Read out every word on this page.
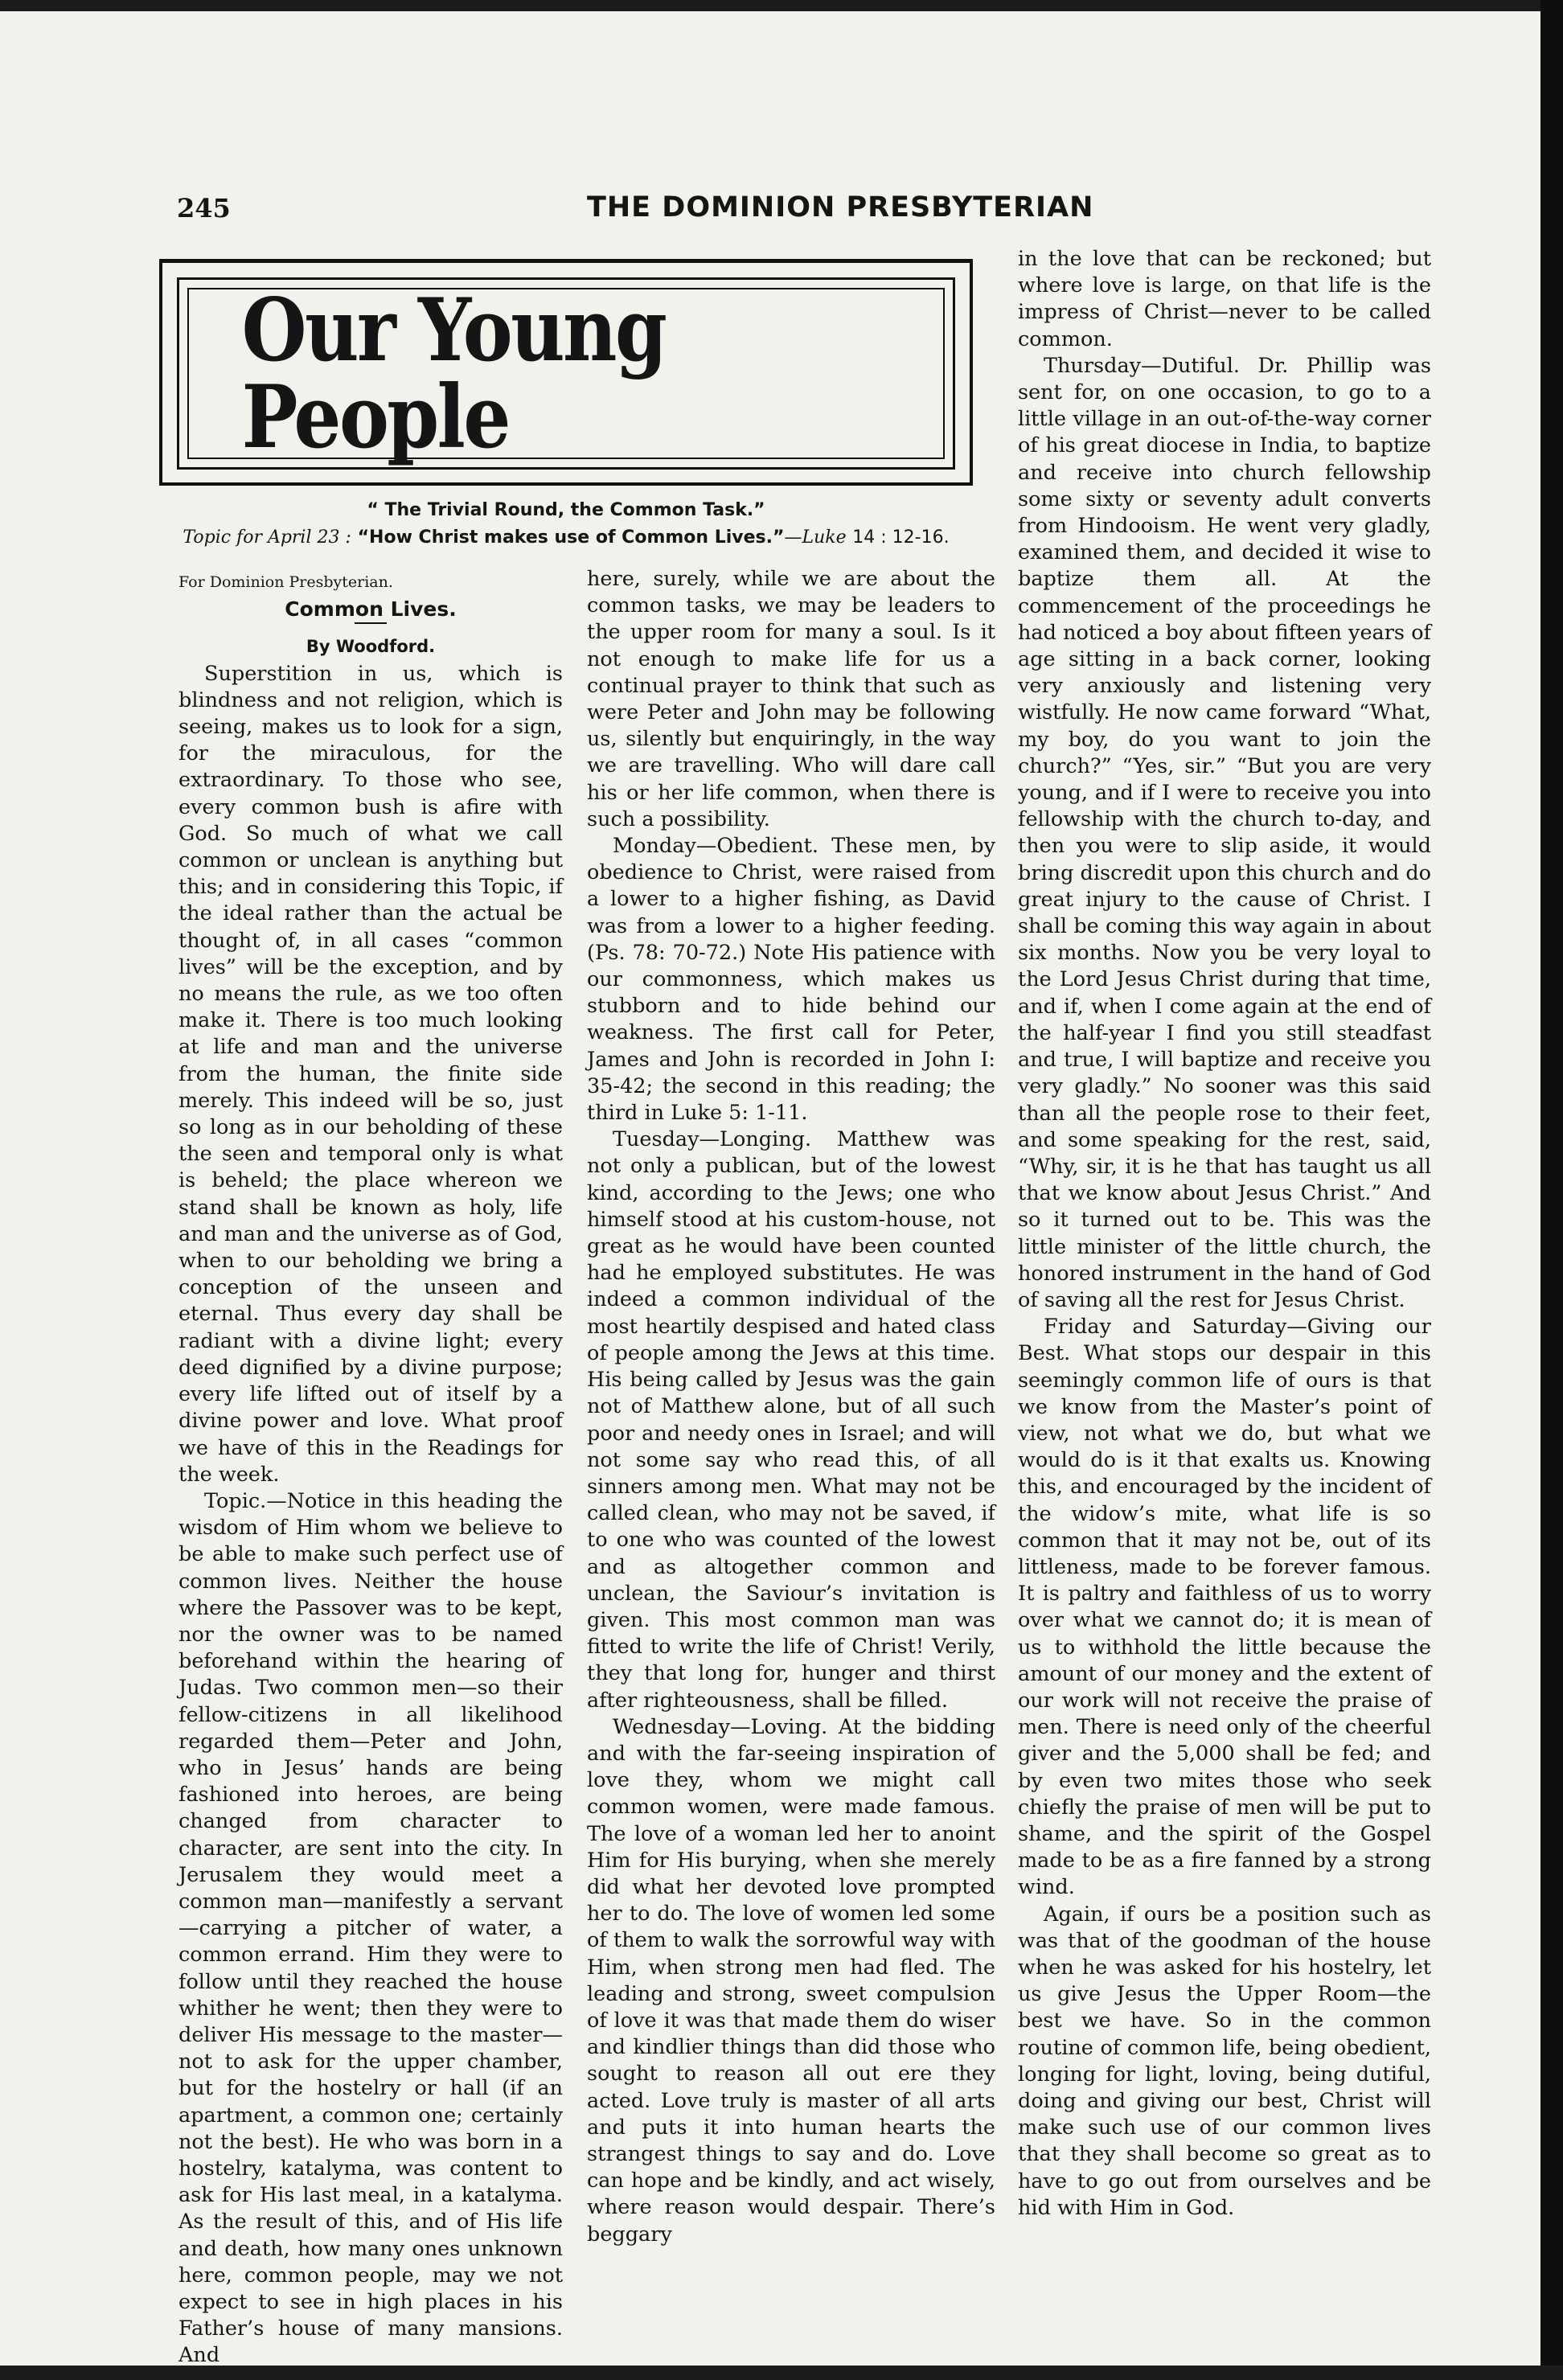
245	THE DOMINION PRESBYTERIAN
Our Young People
“ The Trivial Round, the Common Task.”
Topic for April 23 : “How Christ makes use of Common Lives.”—Luke 14 : 12-16.

For Dominion Presbyterian.

Common Lives.

By Woodford.

Superstition in us, which is blindness and not religion, which is seeing, makes us to look for a sign, for the miraculous, for the extraordinary. To those who see, every common bush is afire with God. So much of what we call common or unclean is anything but this; and in considering this Topic, if the ideal rather than the actual be thought of, in all cases “common lives” will be the exception, and by no means the rule, as we too often make it. There is too much looking at life and man and the universe from the human, the finite side merely. This indeed will be so, just so long as in our beholding of these the seen and temporal only is what is beheld; the place whereon we stand shall be known as holy, life and man and the universe as of God, when to our beholding we bring a conception of the unseen and eternal. Thus every day shall be radiant with a divine light; every deed dignified by a divine purpose; every life lifted out of itself by a divine power and love. What proof we have of this in the Readings for the week.

Topic.—Notice in this heading the wisdom of Him whom we believe to be able to make such perfect use of common lives. Neither the house where the Passover was to be kept, nor the owner was to be named beforehand within the hearing of Judas. Two common men—so their fellow-citizens in all likelihood regarded them—Peter and John, who in Jesus’ hands are being fashioned into heroes, are being changed from character to character, are sent into the city. In Jerusalem they would meet a common man—manifestly a servant—carrying a pitcher of water, a common errand. Him they were to follow until they reached the house whither he went; then they were to deliver His message to the master—not to ask for the upper chamber, but for the hostelry or hall (if an apartment, a common one; certainly not the best). He who was born in a hostelry, katalyma, was content to ask for His last meal, in a katalyma. As the result of this, and of His life and death, how many ones unknown here, common people, may we not expect to see in high places in his Father’s house of many mansions. And

here, surely, while we are about the common tasks, we may be leaders to the upper room for many a soul. Is it not enough to make life for us a continual prayer to think that such as were Peter and John may be following us, silently but enquiringly, in the way we are travelling. Who will dare call his or her life common, when there is such a possibility.

Monday—Obedient. These men, by obedience to Christ, were raised from a lower to a higher fishing, as David was from a lower to a higher feeding. (Ps. 78: 70-72.) Note His patience with our commonness, which makes us stubborn and to hide behind our weakness. The first call for Peter, James and John is recorded in John I: 35-42; the second in this reading; the third in Luke 5: 1-11.

Tuesday—Longing. Matthew was not only a publican, but of the lowest kind, according to the Jews; one who himself stood at his custom-house, not great as he would have been counted had he employed substitutes. He was indeed a common individual of the most heartily despised and hated class of people among the Jews at this time. His being called by Jesus was the gain not of Matthew alone, but of all such poor and needy ones in Israel; and will not some say who read this, of all sinners among men. What may not be called clean, who may not be saved, if to one who was counted of the lowest and as altogether common and unclean, the Saviour’s invitation is given. This most common man was fitted to write the life of Christ! Verily, they that long for, hunger and thirst after righteousness, shall be filled.

Wednesday—Loving. At the bidding and with the far-seeing inspiration of love they, whom we might call common women, were made famous. The love of a woman led her to anoint Him for His burying, when she merely did what her devoted love prompted her to do. The love of women led some of them to walk the sorrowful way with Him, when strong men had fled. The leading and strong, sweet compulsion of love it was that made them do wiser and kindlier things than did those who sought to reason all out ere they acted. Love truly is master of all arts and puts it into human hearts the strangest things to say and do. Love can hope and be kindly, and act wisely, where reason would despair. There’s beggary

in the love that can be reckoned; but where love is large, on that life is the impress of Christ—never to be called common.

Thursday—Dutiful. Dr. Phillip was sent for, on one occasion, to go to a little village in an out-of-the-way corner of his great diocese in India, to baptize and receive into church fellowship some sixty or seventy adult converts from Hindooism. He went very gladly, examined them, and decided it wise to baptize them all. At the commencement of the proceedings he had noticed a boy about fifteen years of age sitting in a back corner, looking very anxiously and listening very wistfully. He now came forward “What, my boy, do you want to join the church?” “Yes, sir.” “But you are very young, and if I were to receive you into fellowship with the church to-day, and then you were to slip aside, it would bring discredit upon this church and do great injury to the cause of Christ. I shall be coming this way again in about six months. Now you be very loyal to the Lord Jesus Christ during that time, and if, when I come again at the end of the half-year I find you still steadfast and true, I will baptize and receive you very gladly.” No sooner was this said than all the people rose to their feet, and some speaking for the rest, said, “Why, sir, it is he that has taught us all that we know about Jesus Christ.” And so it turned out to be. This was the little minister of the little church, the honored instrument in the hand of God of saving all the rest for Jesus Christ.

Friday and Saturday—Giving our Best. What stops our despair in this seemingly common life of ours is that we know from the Master’s point of view, not what we do, but what we would do is it that exalts us. Knowing this, and encouraged by the incident of the widow’s mite, what life is so common that it may not be, out of its littleness, made to be forever famous. It is paltry and faithless of us to worry over what we cannot do; it is mean of us to withhold the little because the amount of our money and the extent of our work will not receive the praise of men. There is need only of the cheerful giver and the 5,000 shall be fed; and by even two mites those who seek chiefly the praise of men will be put to shame, and the spirit of the Gospel made to be as a fire fanned by a strong wind.

Again, if ours be a position such as was that of the goodman of the house when he was asked for his hostelry, let us give Jesus the Upper Room—the best we have. So in the common routine of common life, being obedient, longing for light, loving, being dutiful, doing and giving our best, Christ will make such use of our common lives that they shall become so great as to have to go out from ourselves and be hid with Him in God.
